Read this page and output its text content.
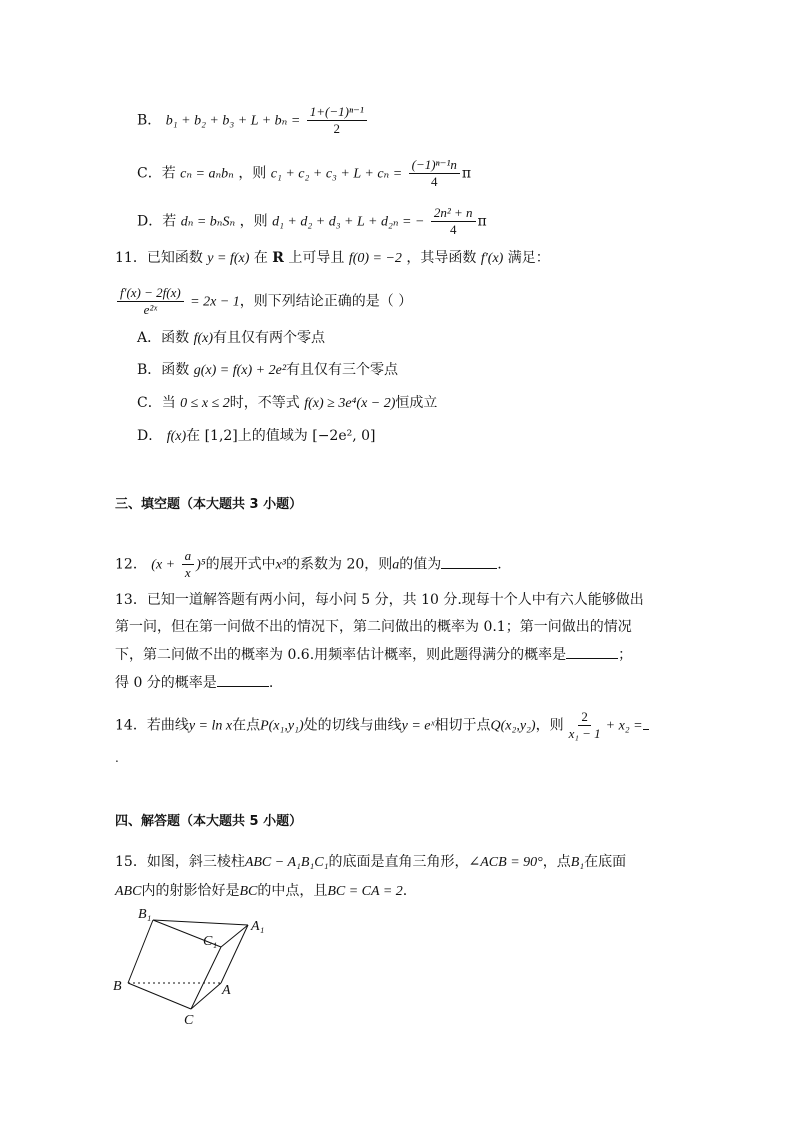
B． $b_1 + b_2 + b_3 + L + b_n = \frac{\text{1+(−1)ⁿ⁻¹}}{2}$
C．若 cₙ = aₙbₙ ，则 $c_1 + c_2 + c_3 + L + c_n = \frac{\text{(−1)ⁿ⁻¹n}}{4}$ π
D．若 dₙ = bₙSₙ ，则 d₁ + d₂ + d₃ + L + d₂ₙ = − $\frac{\text{2n² + n}}{4}$ π
11．已知函数 y = f(x) 在 R 上可导且 f(0) = −2 ，其导函数 f′(x) 满足：
$\frac{f'(x) - 2f(x)}{\text{e²ˣ}} = 2x - 1$，则下列结论正确的是（ ）
A．函数 f(x)有且仅有两个零点
B．函数 g(x) = f(x) + 2e²有且仅有三个零点
C．当 0 ≤ x ≤ 2时，不等式 f(x) ≥ 3e⁴(x − 2)恒成立
D． f(x)在 [1,2]上的值域为 [−2e², 0]
三、填空题（本大题共 3 小题）
12． $(x + \frac{a}{x} )^5$的展开式中x³的系数为 20，则a的值为	.
13．已知一道解答题有两小问，每小问 5 分，共 10 分.现每十个人中有六人能够做出
第一问，但在第一问做不出的情况下，第二问做出的概率为 0.1；第一问做出的情况
下，第二问做不出的概率为 0.6.用频率估计概率，则此题得满分的概率是	；
得 0 分的概率是	.
14．若曲线y = ln x在点P(x₁,y₁)处的切线与曲线y = eˣ相切于点Q(x₂,y₂)，则 $\frac{2}{\text{x₁ − 1}} + x_2$ =
.
四、解答题（本大题共 5 小题）
15．如图，斜三棱柱ABC − A₁B₁C₁的底面是直角三角形，∠ACB = 90°，点B₁在底面
ABC内的射影恰好是BC的中点，且BC = CA = 2.
B₁
C₁
A₁
B	A
C
